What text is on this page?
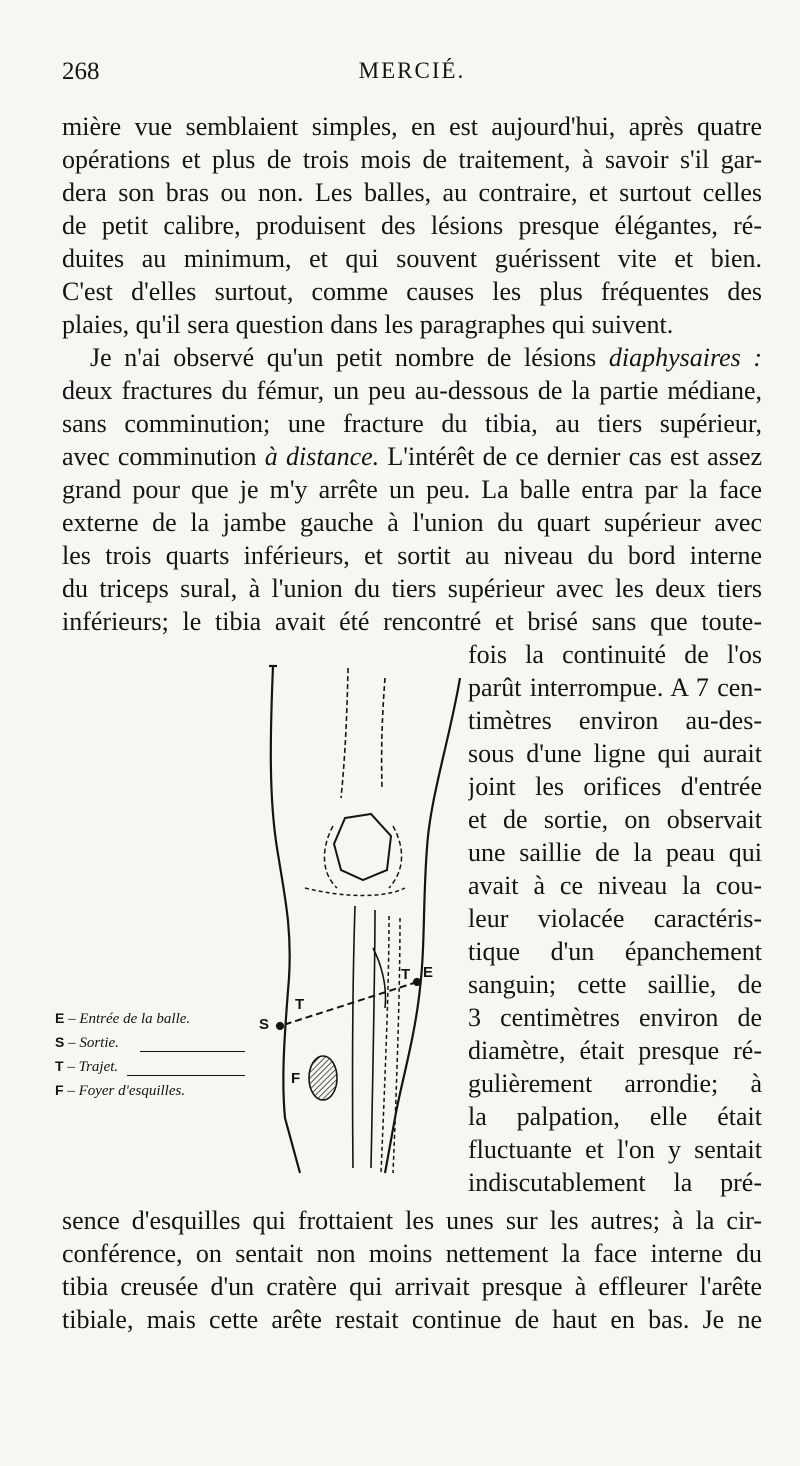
268	MERCIÉ.
mière vue semblaient simples, en est aujourd'hui, après quatre
opérations et plus de trois mois de traitement, à savoir s'il gar-
dera son bras ou non. Les balles, au contraire, et surtout celles
de petit calibre, produisent des lésions presque élégantes, ré-
duites au minimum, et qui souvent guérissent vite et bien.
C'est d'elles surtout, comme causes les plus fréquentes des
plaies, qu'il sera question dans les paragraphes qui suivent.
Je n'ai observé qu'un petit nombre de lésions diaphysaires :
deux fractures du fémur, un peu au-dessous de la partie médiane,
sans comminution; une fracture du tibia, au tiers supérieur,
avec comminution à distance. L'intérêt de ce dernier cas est assez
grand pour que je m'y arrête un peu. La balle entra par la face
externe de la jambe gauche à l'union du quart supérieur avec
les trois quarts inférieurs, et sortit au niveau du bord interne
du triceps sural, à l'union du tiers supérieur avec les deux tiers
inférieurs; le tibia avait été rencontré et brisé sans que toute-
fois la continuité de l'os
parût interrompue. A 7 cen-
timètres environ au-des-
sous d'une ligne qui aurait
joint les orifices d'entrée
et de sortie, on observait
une saillie de la peau qui
avait à ce niveau la cou-
leur violacée caractéris-
tique d'un épanchement
sanguin; cette saillie, de
3 centimètres environ de
diamètre, était presque ré-
gulièrement arrondie; à
la palpation, elle était
fluctuante et l'on y sentait
indiscutablement la pré-
sence d'esquilles qui frottaient les unes sur les autres; à la cir-
conférence, on sentait non moins nettement la face interne du
tibia creusée d'un cratère qui arrivait presque à effleurer l'arête
tibiale, mais cette arête restait continue de haut en bas. Je ne
E
S
T
T
F
E – Entrée de la balle.
S – Sortie.
T – Trajet.
F – Foyer d'esquilles.
